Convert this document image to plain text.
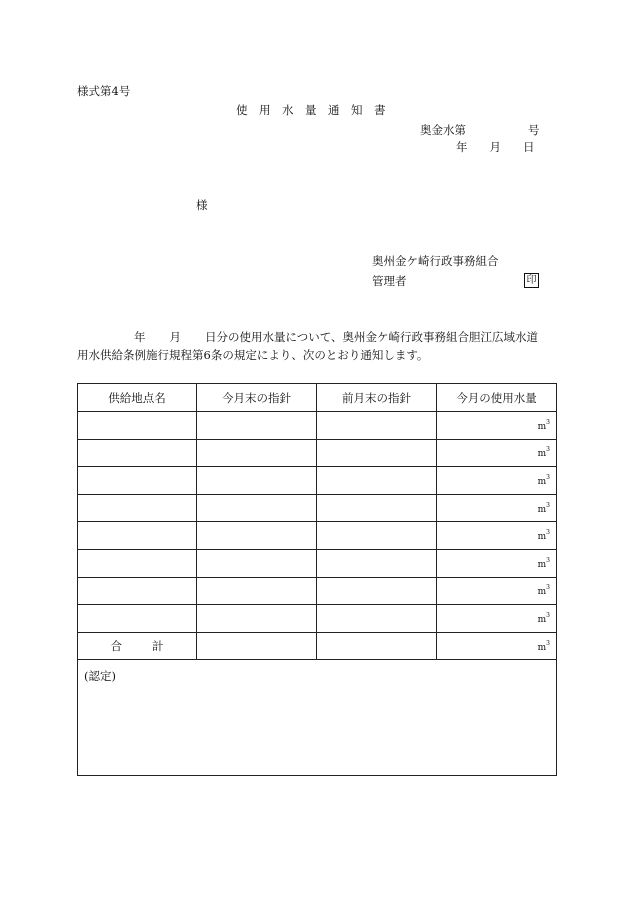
様式第4号
使用水量通知書
奥金水第	号
年 月 日
様
奥州金ケ崎行政事務組合
管理者	印
年 月 日分の使用水量について、奥州金ケ崎行政事務組合胆江広域水道
用水供給条例施行規程第6条の規定により、次のとおり通知します。
供給地点名	今月末の指針	前月末の指針	今月の使用水量
			$m^3$
			$m^3$
			$m^3$
			$m^3$
			$m^3$
			$m^3$
			$m^3$
			$m^3$
合計			$m^3$
(認定)			
